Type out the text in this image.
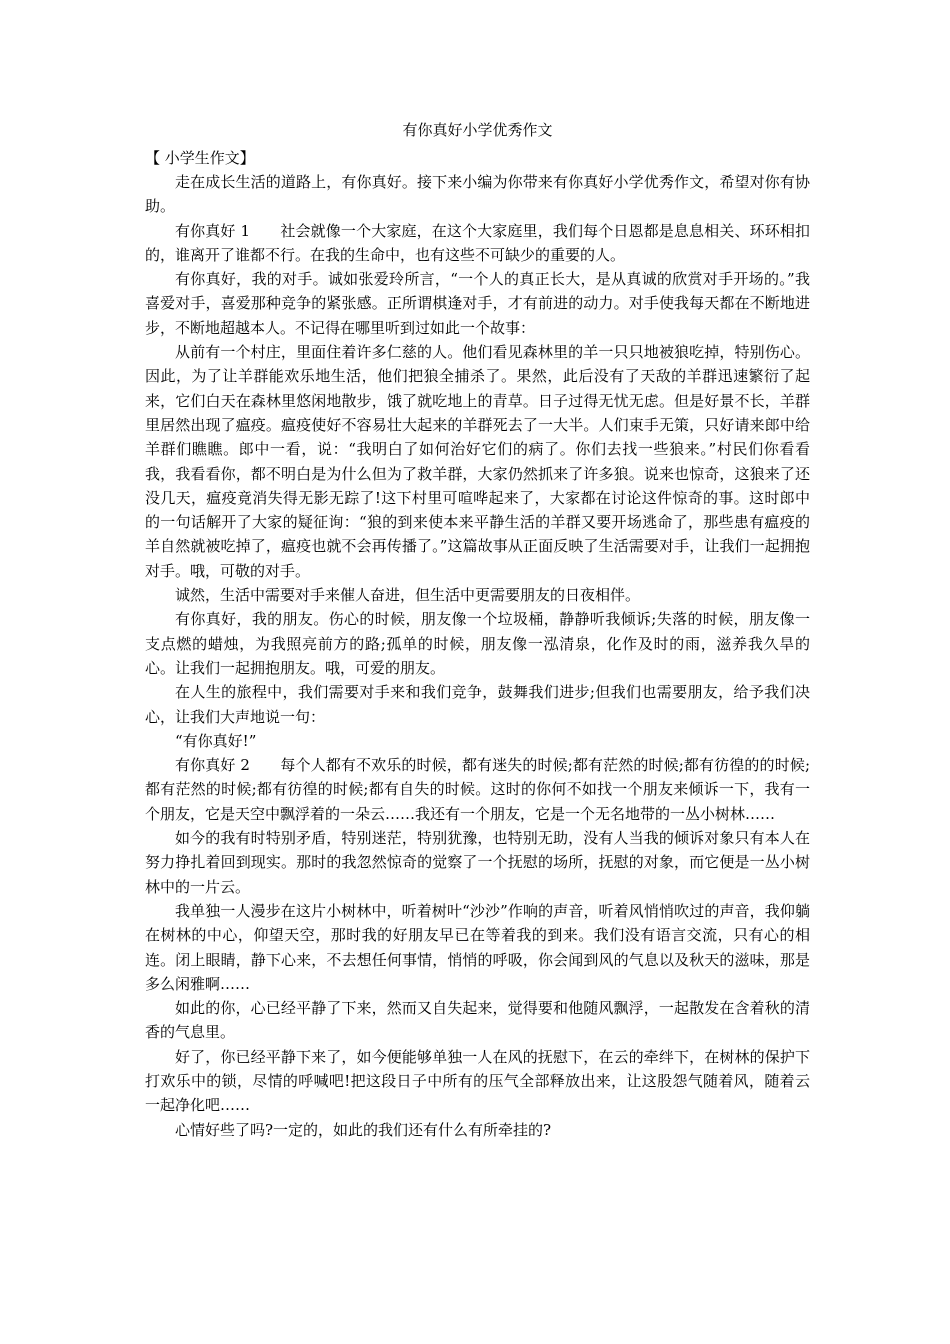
有你真好小学优秀作文
【 小学生作文】

走在成长生活的道路上，有你真好。接下来小编为你带来有你真好小学优秀作文，希望对你有协助。

有你真好 1　　社会就像一个大家庭，在这个大家庭里，我们每个日恩都是息息相关、环环相扣的，谁离开了谁都不行。在我的生命中，也有这些不可缺少的重要的人。

有你真好，我的对手。诚如张爱玲所言，“一个人的真正长大，是从真诚的欣赏对手开场的。”我喜爱对手，喜爱那种竞争的紧张感。正所谓棋逢对手，才有前进的动力。对手使我每天都在不断地进步，不断地超越本人。不记得在哪里听到过如此一个故事：

从前有一个村庄，里面住着许多仁慈的人。他们看见森林里的羊一只只地被狼吃掉，特别伤心。因此，为了让羊群能欢乐地生活，他们把狼全捕杀了。果然，此后没有了天敌的羊群迅速繁衍了起来，它们白天在森林里悠闲地散步，饿了就吃地上的青草。日子过得无忧无虑。但是好景不长，羊群里居然出现了瘟疫。瘟疫使好不容易壮大起来的羊群死去了一大半。人们束手无策，只好请来郎中给羊群们瞧瞧。郎中一看，说：“我明白了如何治好它们的病了。你们去找一些狼来。”村民们你看看我，我看看你，都不明白是为什么但为了救羊群，大家仍然抓来了许多狼。说来也惊奇，这狼来了还没几天，瘟疫竟消失得无影无踪了!这下村里可喧哗起来了，大家都在讨论这件惊奇的事。这时郎中的一句话解开了大家的疑征询：“狼的到来使本来平静生活的羊群又要开场逃命了，那些患有瘟疫的羊自然就被吃掉了，瘟疫也就不会再传播了。”这篇故事从正面反映了生活需要对手，让我们一起拥抱对手。哦，可敬的对手。

诚然，生活中需要对手来催人奋进，但生活中更需要朋友的日夜相伴。

有你真好，我的朋友。伤心的时候，朋友像一个垃圾桶，静静听我倾诉;失落的时候，朋友像一支点燃的蜡烛，为我照亮前方的路;孤单的时候，朋友像一泓清泉，化作及时的雨，滋养我久旱的心。让我们一起拥抱朋友。哦，可爱的朋友。

在人生的旅程中，我们需要对手来和我们竞争，鼓舞我们进步;但我们也需要朋友，给予我们决心，让我们大声地说一句：

“有你真好!”

有你真好 2　　每个人都有不欢乐的时候，都有迷失的时候;都有茫然的时候;都有彷徨的的时候;都有茫然的时候;都有彷徨的时候;都有自失的时候。这时的你何不如找一个朋友来倾诉一下，我有一个朋友，它是天空中飘浮着的一朵云……我还有一个朋友，它是一个无名地带的一丛小树林……

如今的我有时特别矛盾，特别迷茫，特别犹豫，也特别无助，没有人当我的倾诉对象只有本人在努力挣扎着回到现实。那时的我忽然惊奇的觉察了一个抚慰的场所，抚慰的对象，而它便是一丛小树林中的一片云。

我单独一人漫步在这片小树林中，听着树叶“沙沙”作响的声音，听着风悄悄吹过的声音，我仰躺在树林的中心，仰望天空，那时我的好朋友早已在等着我的到来。我们没有语言交流，只有心的相连。闭上眼睛，静下心来，不去想任何事情，悄悄的呼吸，你会闻到风的气息以及秋天的滋味，那是多么闲雅啊……

如此的你，心已经平静了下来，然而又自失起来，觉得要和他随风飘浮，一起散发在含着秋的清香的气息里。

好了，你已经平静下来了，如今便能够单独一人在风的抚慰下，在云的牵绊下，在树林的保护下打欢乐中的锁，尽情的呼喊吧!把这段日子中所有的压气全部释放出来，让这股怨气随着风，随着云一起净化吧……

心情好些了吗?一定的，如此的我们还有什么有所牵挂的?
